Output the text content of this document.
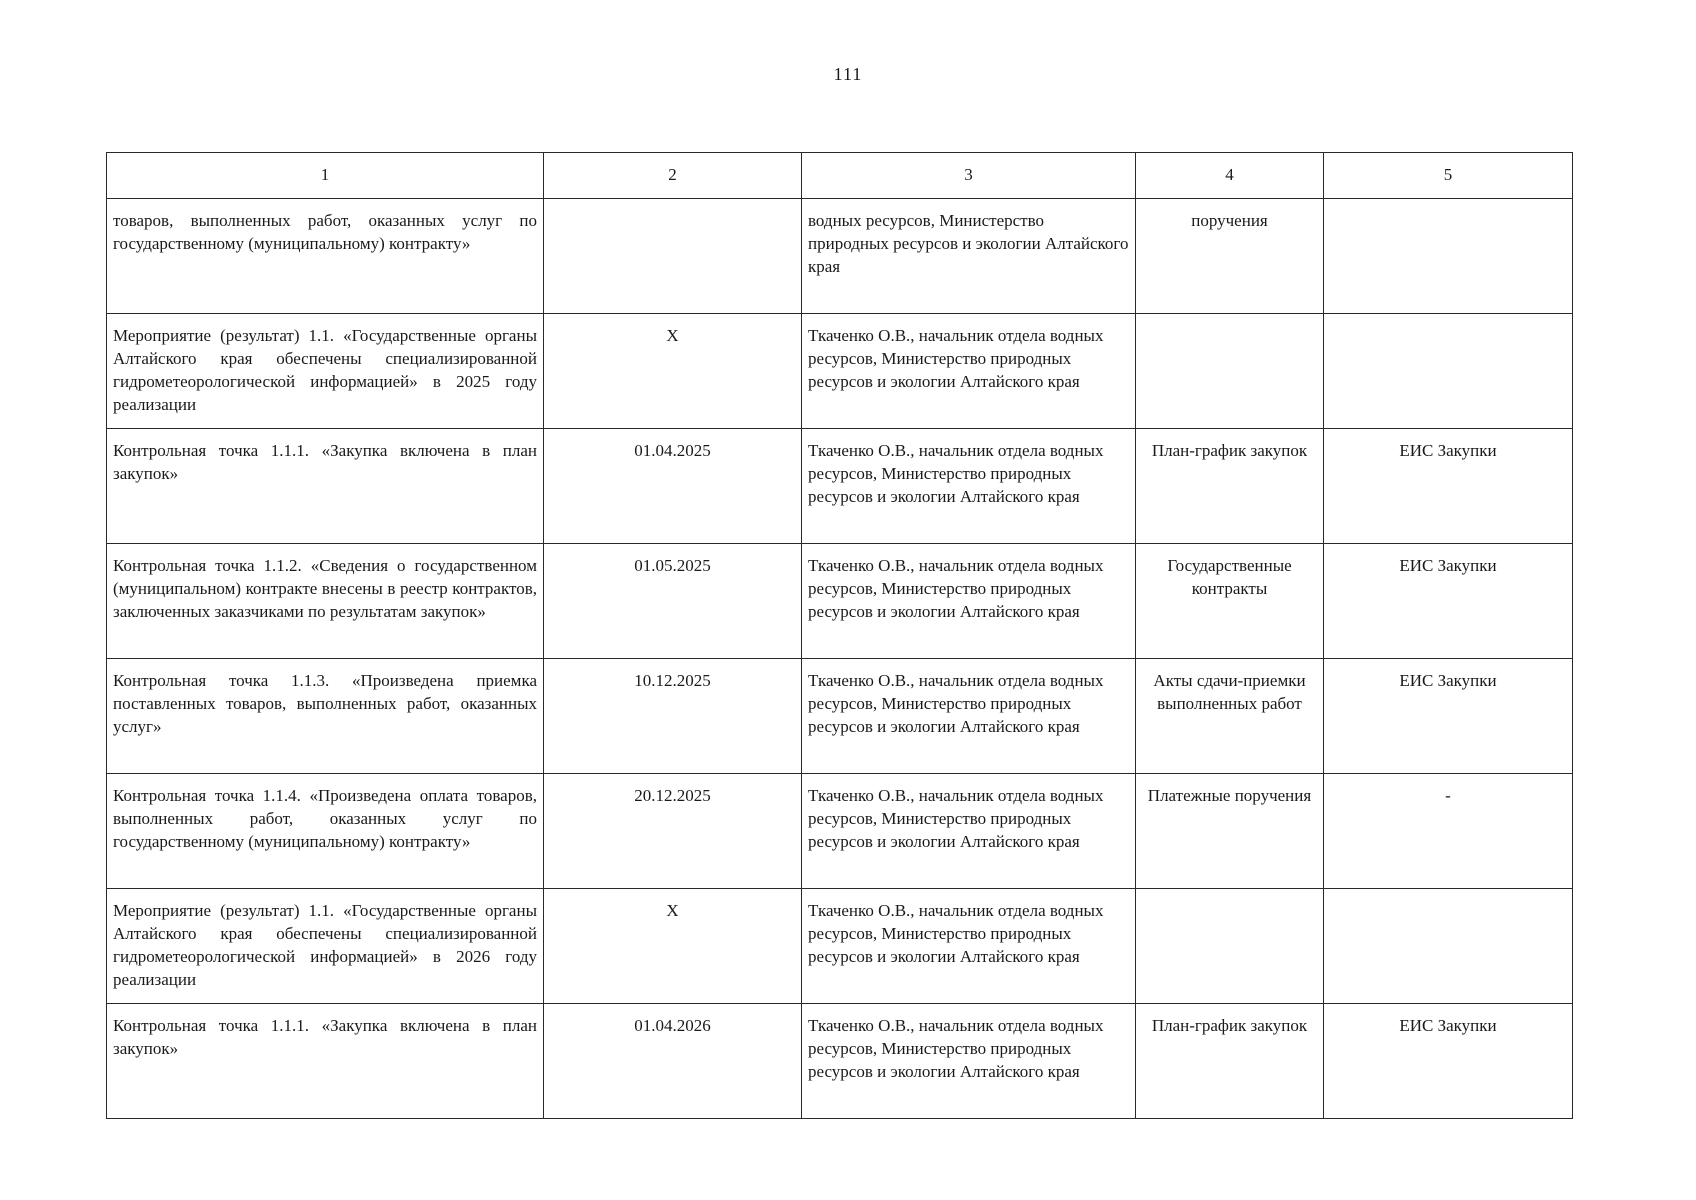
111
1	2	3	4	5
товаров, выполненных работ, оказанных услуг по государственному (муниципальному) контракту»		водных ресурсов, Министерство природных ресурсов и экологии Алтайского края	поручения	
Мероприятие (результат) 1.1. «Государственные органы Алтайского края обеспечены специализированной гидрометеорологической информацией» в 2025 году реализации	X	Ткаченко О.В., начальник отдела водных ресурсов, Министерство природных ресурсов и экологии Алтайского края		
Контрольная точка 1.1.1. «Закупка включена в план закупок»	01.04.2025	Ткаченко О.В., начальник отдела водных ресурсов, Министерство природных ресурсов и экологии Алтайского края	План-график закупок	ЕИС Закупки
Контрольная точка 1.1.2. «Сведения о государственном (муниципальном) контракте внесены в реестр контрактов, заключенных заказчиками по результатам закупок»	01.05.2025	Ткаченко О.В., начальник отдела водных ресурсов, Министерство природных ресурсов и экологии Алтайского края	Государственные контракты	ЕИС Закупки
Контрольная точка 1.1.3. «Произведена приемка поставленных товаров, выполненных работ, оказанных услуг»	10.12.2025	Ткаченко О.В., начальник отдела водных ресурсов, Министерство природных ресурсов и экологии Алтайского края	Акты сдачи-приемки выполненных работ	ЕИС Закупки
Контрольная точка 1.1.4. «Произведена оплата товаров, выполненных работ, оказанных услуг по государственному (муниципальному) контракту»	20.12.2025	Ткаченко О.В., начальник отдела водных ресурсов, Министерство природных ресурсов и экологии Алтайского края	Платежные поручения	-
Мероприятие (результат) 1.1. «Государственные органы Алтайского края обеспечены специализированной гидрометеорологической информацией» в 2026 году реализации	X	Ткаченко О.В., начальник отдела водных ресурсов, Министерство природных ресурсов и экологии Алтайского края		
Контрольная точка 1.1.1. «Закупка включена в план закупок»	01.04.2026	Ткаченко О.В., начальник отдела водных ресурсов, Министерство природных ресурсов и экологии Алтайского края	План-график закупок	ЕИС Закупки
